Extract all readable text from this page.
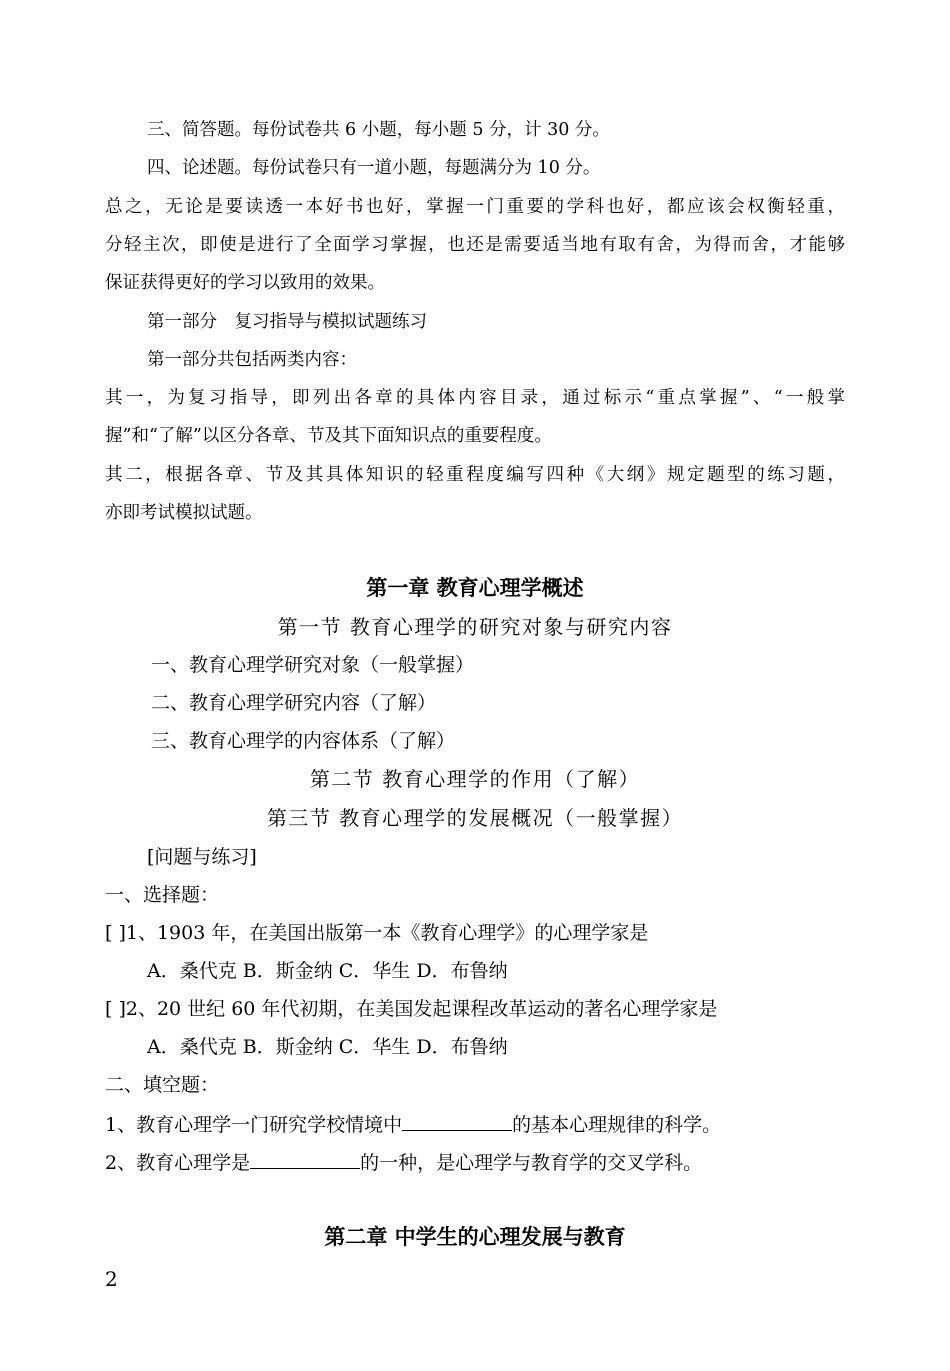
三、简答题。每份试卷共 6 小题，每小题 5 分，计 30 分。
四、论述题。每份试卷只有一道小题，每题满分为 10 分。
总之，无论是要读透一本好书也好，掌握一门重要的学科也好，都应该会权衡轻重，
分轻主次，即使是进行了全面学习掌握，也还是需要适当地有取有舍，为得而舍，才能够
保证获得更好的学习以致用的效果。
第一部分　复习指导与模拟试题练习
第一部分共包括两类内容：
其一，为复习指导，即列出各章的具体内容目录，通过标示“重点掌握”、“一般掌
握”和“了解”以区分各章、节及其下面知识点的重要程度。
其二，根据各章、节及其具体知识的轻重程度编写四种《大纲》规定题型的练习题，
亦即考试模拟试题。
第一章 教育心理学概述
第一节 教育心理学的研究对象与研究内容
一、教育心理学研究对象（一般掌握）
二、教育心理学研究内容（了解）
三、教育心理学的内容体系（了解）
第二节 教育心理学的作用（了解）
第三节 教育心理学的发展概况（一般掌握）
[问题与练习]
一、选择题：
[ ]1、1903 年，在美国出版第一本《教育心理学》的心理学家是
A．桑代克 B．斯金纳 C．华生 D．布鲁纳
[ ]2、20 世纪 60 年代初期，在美国发起课程改革运动的著名心理学家是
A．桑代克 B．斯金纳 C．华生 D．布鲁纳
二、填空题：
1、教育心理学一门研究学校情境中	的基本心理规律的科学。
2、教育心理学是	的一种，是心理学与教育学的交叉学科。
第二章 中学生的心理发展与教育
2
